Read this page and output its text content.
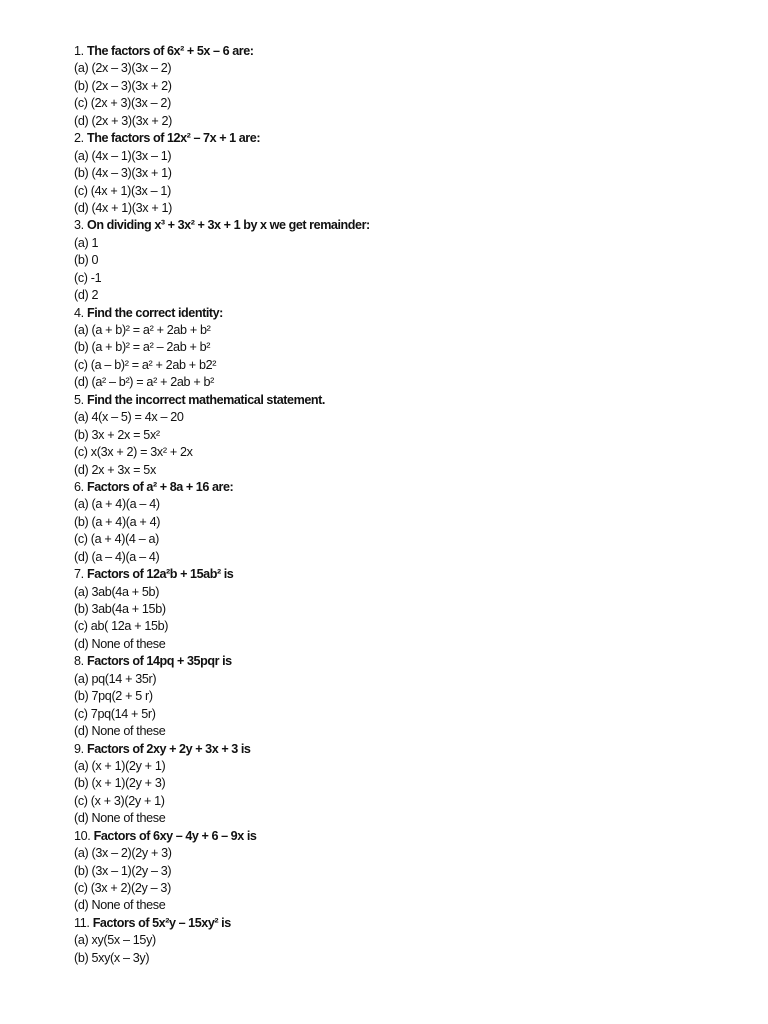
1. The factors of 6x² + 5x – 6 are:
(a) (2x – 3)(3x – 2)
(b) (2x – 3)(3x + 2)
(c) (2x + 3)(3x – 2)
(d) (2x + 3)(3x + 2)
2. The factors of 12x² – 7x + 1 are:
(a) (4x – 1)(3x – 1)
(b) (4x – 3)(3x + 1)
(c) (4x + 1)(3x – 1)
(d) (4x + 1)(3x + 1)
3. On dividing x³ + 3x² + 3x + 1 by x we get remainder:
(a) 1
(b) 0
(c) -1
(d) 2
4. Find the correct identity:
(a) (a + b)² = a² + 2ab + b²
(b) (a + b)² = a² – 2ab + b²
(c) (a – b)² = a² + 2ab + b2²
(d) (a² – b²) = a² + 2ab + b²
5. Find the incorrect mathematical statement.
(a) 4(x – 5) = 4x – 20
(b) 3x + 2x = 5x²
(c) x(3x + 2) = 3x² + 2x
(d) 2x + 3x = 5x
6. Factors of a² + 8a + 16 are:
(a) (a + 4)(a – 4)
(b) (a + 4)(a + 4)
(c) (a + 4)(4 – a)
(d) (a – 4)(a – 4)
7. Factors of 12a²b + 15ab² is
(a) 3ab(4a + 5b)
(b) 3ab(4a + 15b)
(c) ab( 12a + 15b)
(d) None of these
8. Factors of 14pq + 35pqr is
(a) pq(14 + 35r)
(b) 7pq(2 + 5 r)
(c) 7pq(14 + 5r)
(d) None of these
9. Factors of 2xy + 2y + 3x + 3 is
(a) (x + 1)(2y + 1)
(b) (x + 1)(2y + 3)
(c) (x + 3)(2y + 1)
(d) None of these
10. Factors of 6xy – 4y + 6 – 9x is
(a) (3x – 2)(2y + 3)
(b) (3x – 1)(2y – 3)
(c) (3x + 2)(2y – 3)
(d) None of these
11. Factors of 5x²y – 15xy² is
(a) xy(5x – 15y)
(b) 5xy(x – 3y)
